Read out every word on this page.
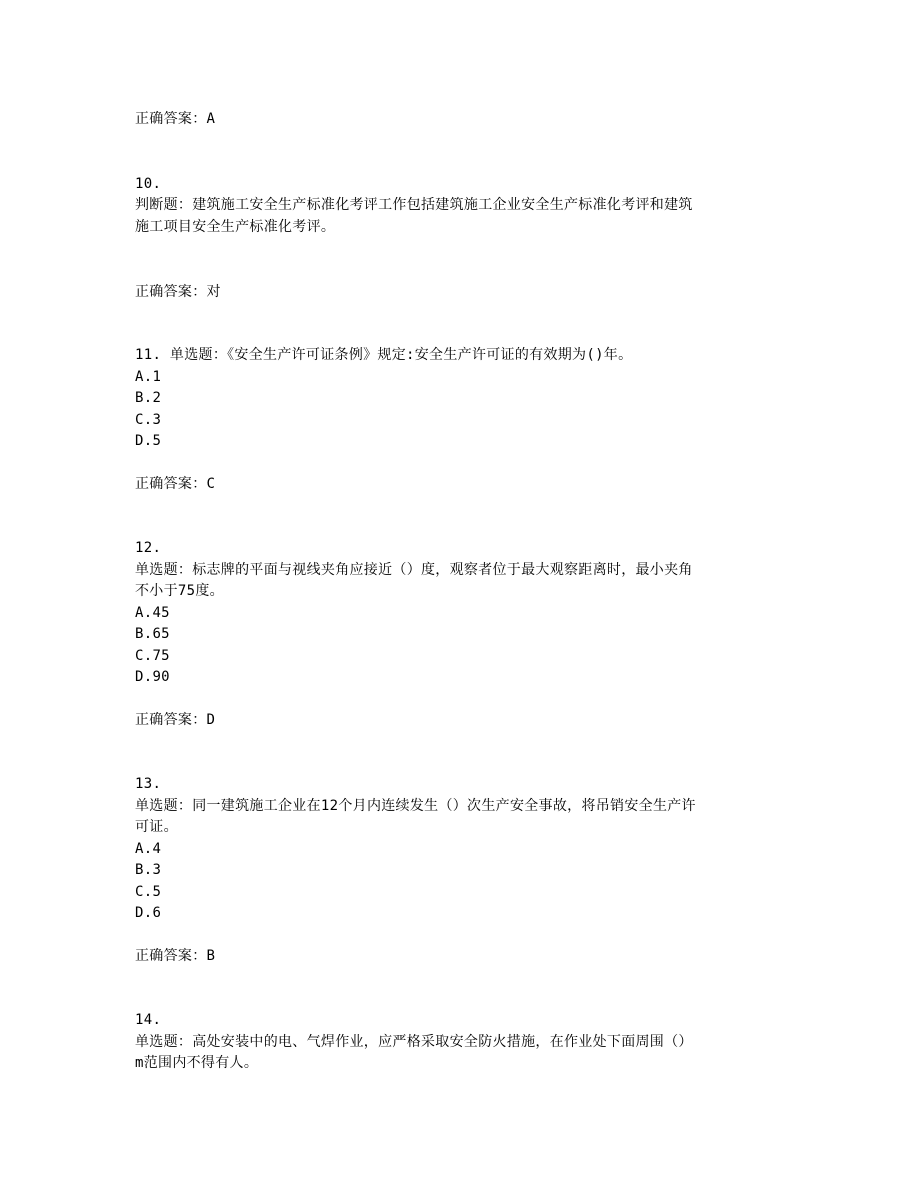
正确答案：A
10.
判断题：建筑施工安全生产标准化考评工作包括建筑施工企业安全生产标准化考评和建筑
施工项目安全生产标准化考评。
正确答案：对
11. 单选题：《安全生产许可证条例》规定:安全生产许可证的有效期为()年。
A.1
B.2
C.3
D.5
正确答案：C
12.
单选题：标志牌的平面与视线夹角应接近（）度，观察者位于最大观察距离时，最小夹角
不小于75度。
A.45
B.65
C.75
D.90
正确答案：D
13.
单选题：同一建筑施工企业在12个月内连续发生（）次生产安全事故，将吊销安全生产许
可证。
A.4
B.3
C.5
D.6
正确答案：B
14.
单选题：高处安装中的电、气焊作业，应严格采取安全防火措施，在作业处下面周围（）
m范围内不得有人。
